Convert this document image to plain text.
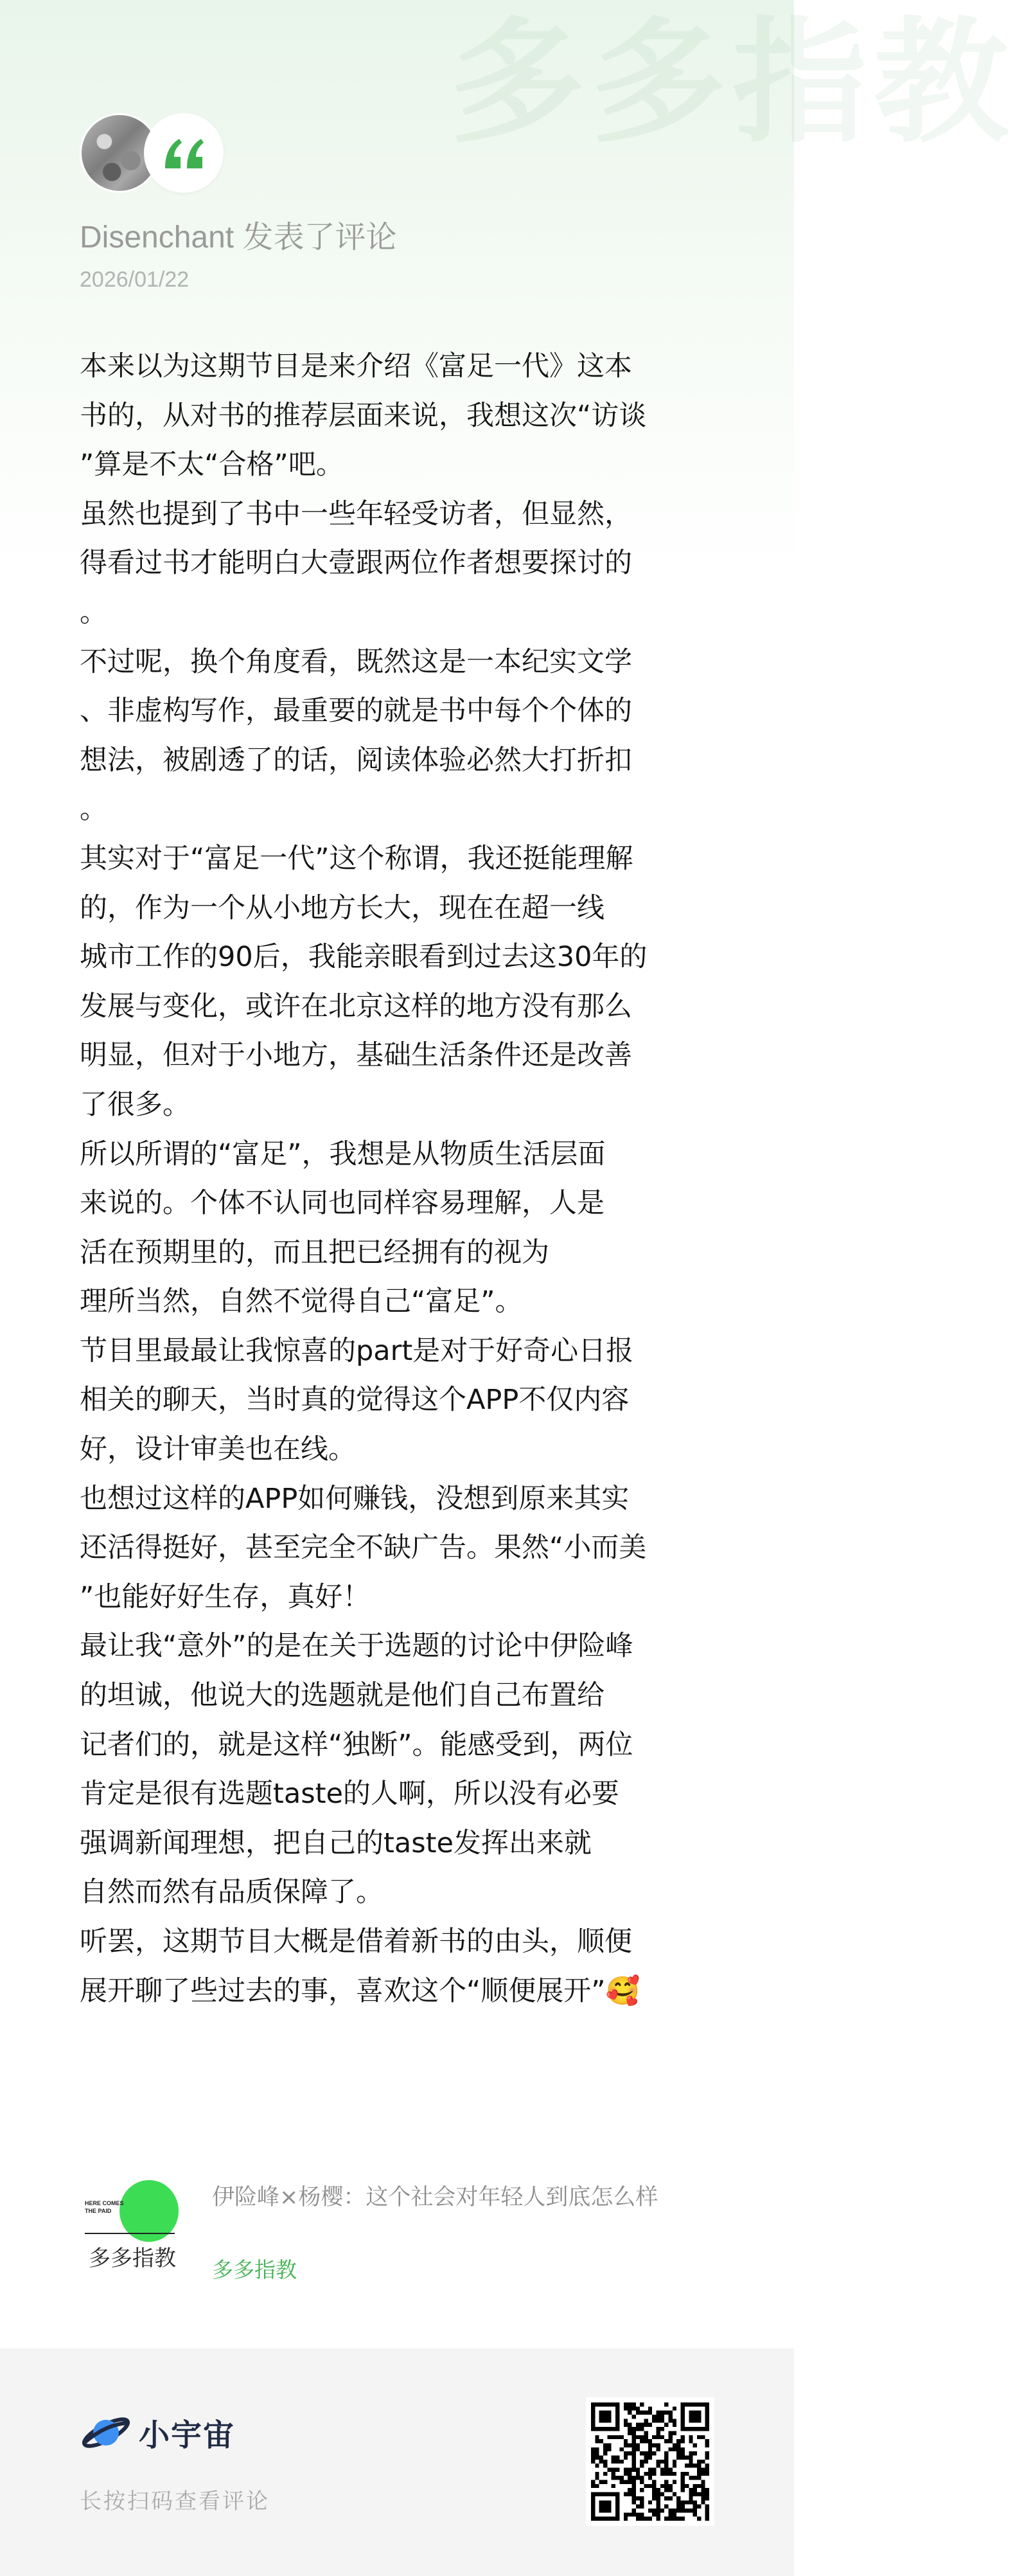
多多指教
Disenchant 发表了评论
2026/01/22
本来以为这期节目是来介绍《富足一代》这本
书的，从对书的推荐层面来说，我想这次“访谈
”算是不太“合格”吧。
虽然也提到了书中一些年轻受访者，但显然，
得看过书才能明白大壹跟两位作者想要探讨的
。
不过呢，换个角度看，既然这是一本纪实文学
、非虚构写作，最重要的就是书中每个个体的
想法，被剧透了的话，阅读体验必然大打折扣
。
其实对于“富足一代”这个称谓，我还挺能理解
的，作为一个从小地方长大，现在在超一线
城市工作的90后，我能亲眼看到过去这30年的
发展与变化，或许在北京这样的地方没有那么
明显，但对于小地方，基础生活条件还是改善
了很多。
所以所谓的“富足”，我想是从物质生活层面
来说的。个体不认同也同样容易理解，人是
活在预期里的，而且把已经拥有的视为
理所当然，自然不觉得自己“富足”。
节目里最最让我惊喜的part是对于好奇心日报
相关的聊天，当时真的觉得这个APP不仅内容
好，设计审美也在线。
也想过这样的APP如何赚钱，没想到原来其实
还活得挺好，甚至完全不缺广告。果然“小而美
”也能好好生存，真好！
最让我“意外”的是在关于选题的讨论中伊险峰
的坦诚，他说大的选题就是他们自己布置给
记者们的，就是这样“独断”。能感受到，两位
肯定是很有选题taste的人啊，所以没有必要
强调新闻理想，把自己的taste发挥出来就
自然而然有品质保障了。
听罢，这期节目大概是借着新书的由头，顺便
展开聊了些过去的事，喜欢这个“顺便展开”🥰
HERE COMES
THE PAID
多多指教
伊险峰×杨樱：这个社会对年轻人到底怎么样
多多指教
小宇宙
长按扫码查看评论
